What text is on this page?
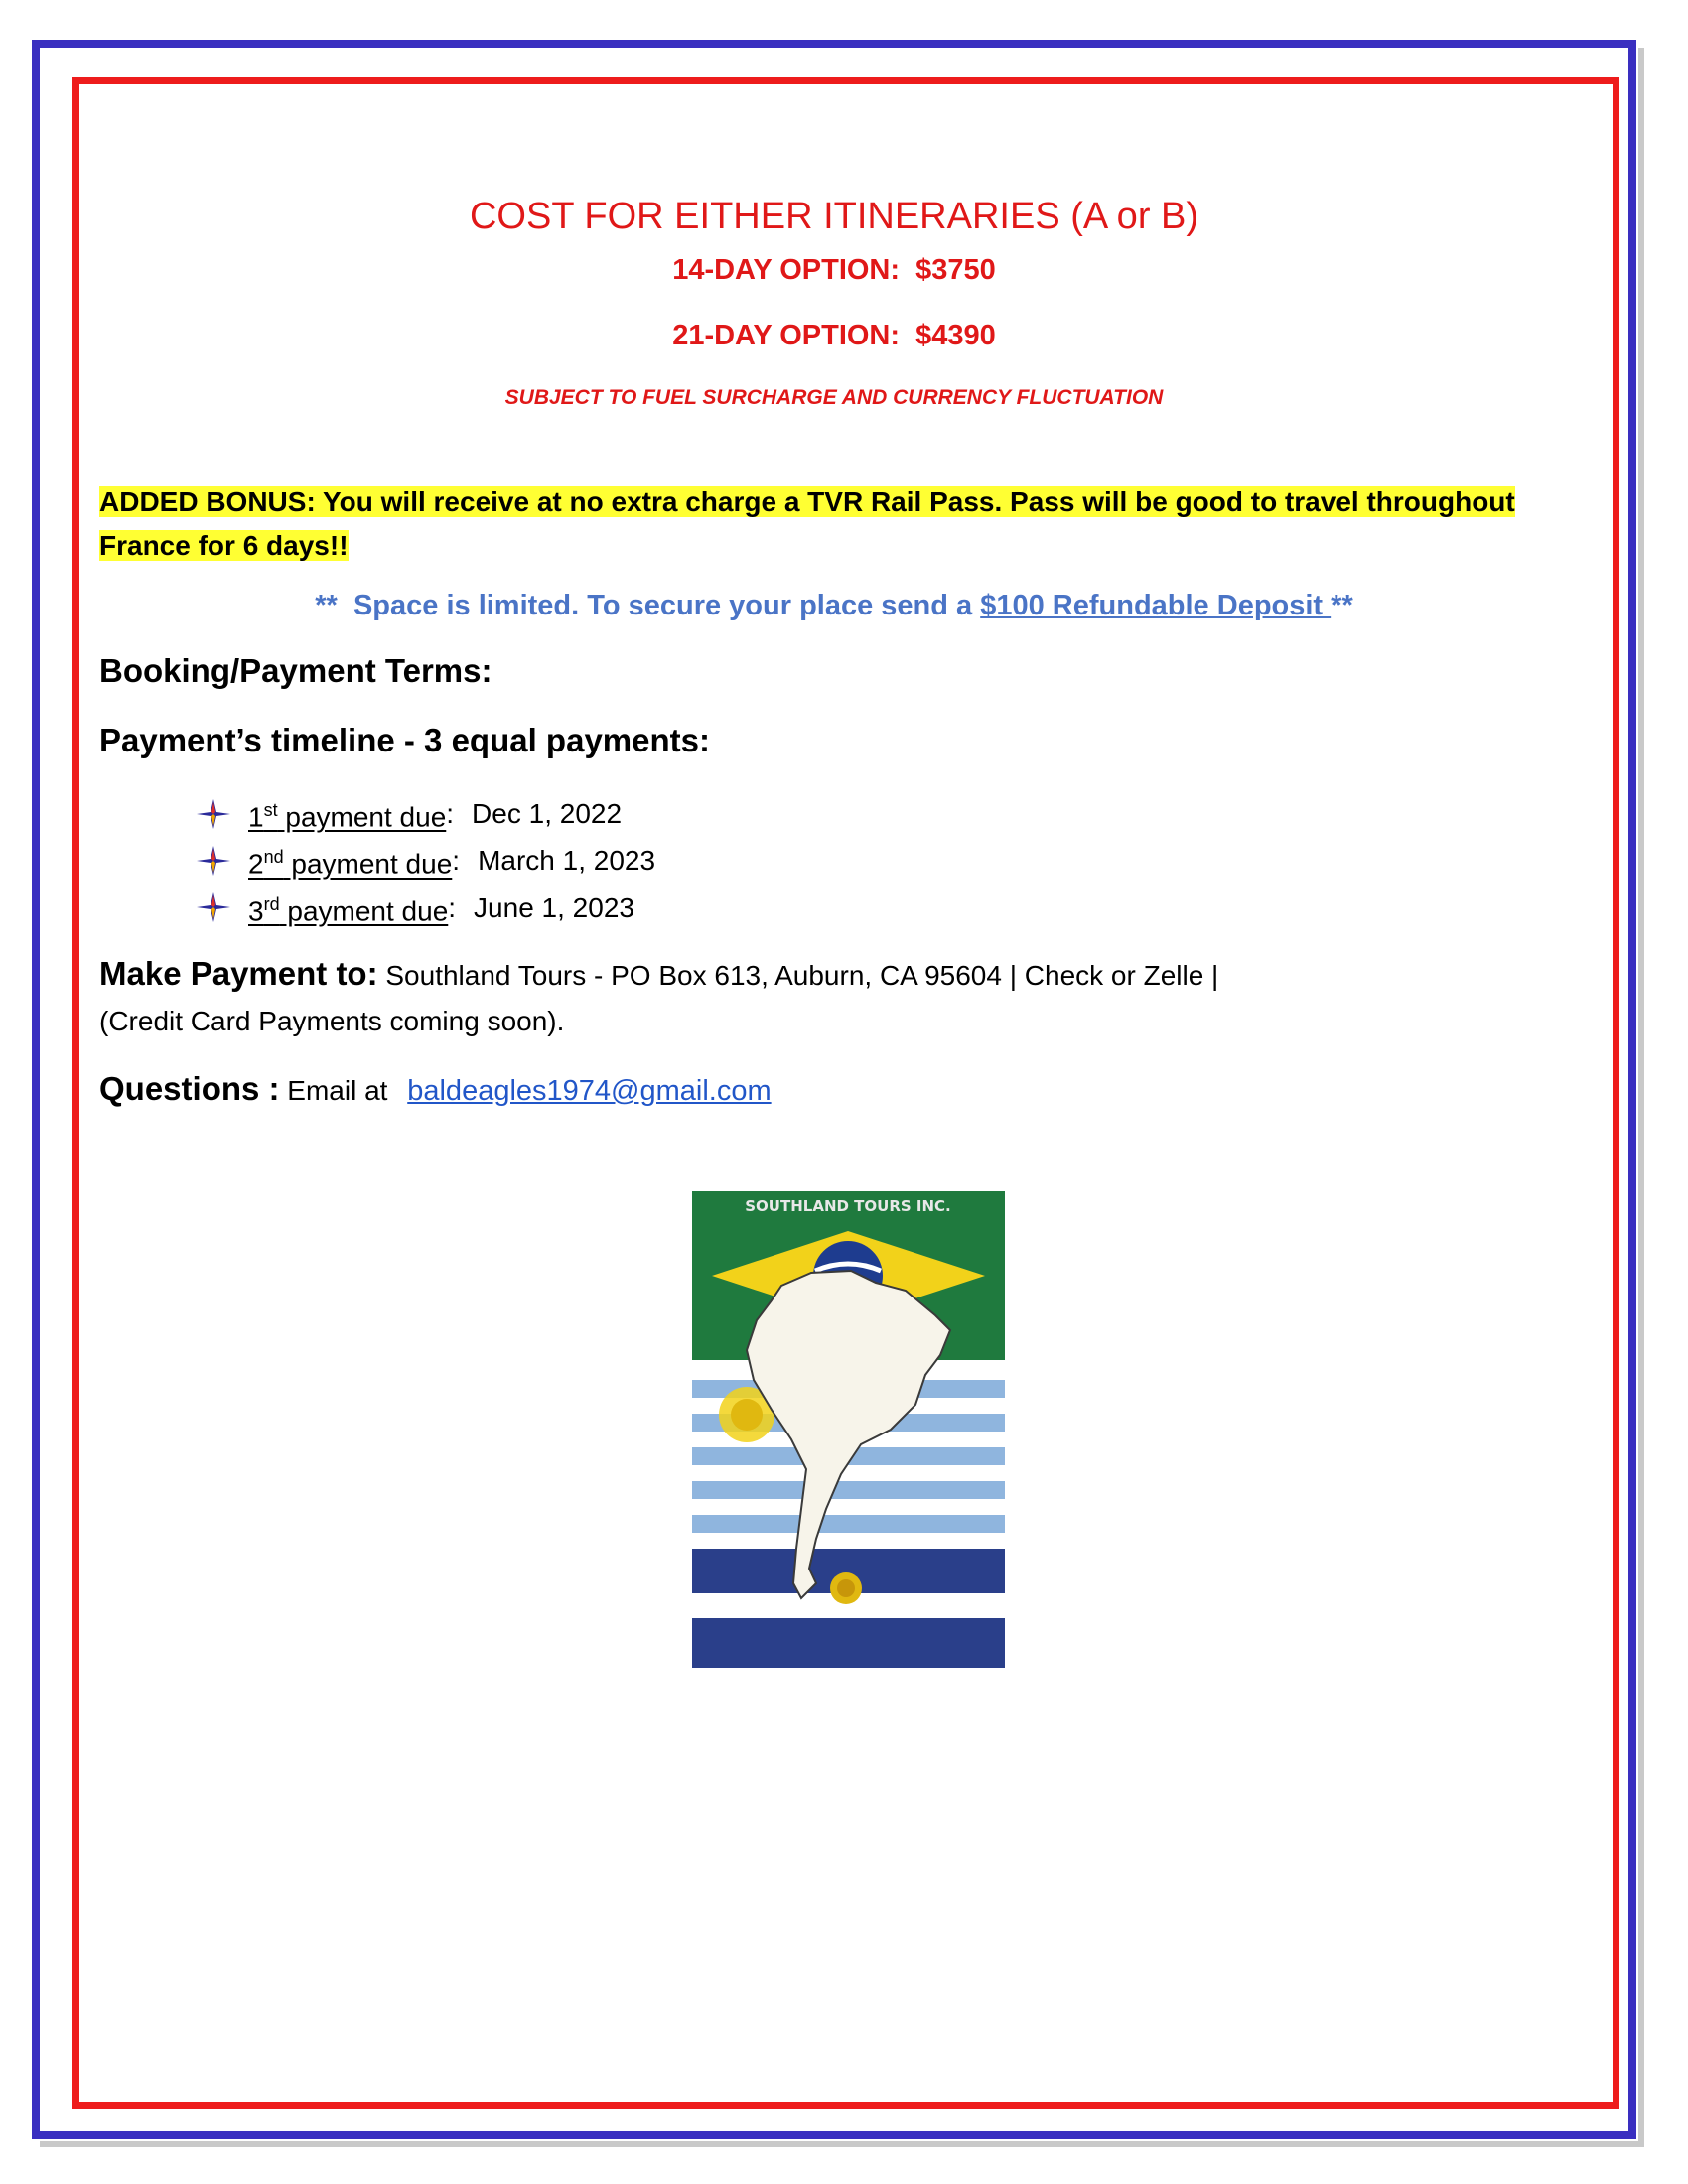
COST FOR EITHER ITINERARIES (A or B)

14-DAY OPTION: $3750

21-DAY OPTION: $4390

SUBJECT TO FUEL SURCHARGE AND CURRENCY FLUCTUATION
ADDED BONUS: You will receive at no extra charge a TVR Rail Pass. Pass will be good to travel throughout France for 6 days!!
**  Space is limited. To secure your place send a $100 Refundable Deposit **
Booking/Payment Terms:
Payment’s timeline - 3 equal payments:
1st payment due : Dec 1, 2022
2nd payment due : March 1, 2023
3rd payment due : June 1, 2023
Make Payment to: Southland Tours - PO Box 613, Auburn, CA 95604 | Check or Zelle |
(Credit Card Payments coming soon).
Questions : Email at baldeagles1974@gmail.com
SOUTHLAND TOURS INC.
